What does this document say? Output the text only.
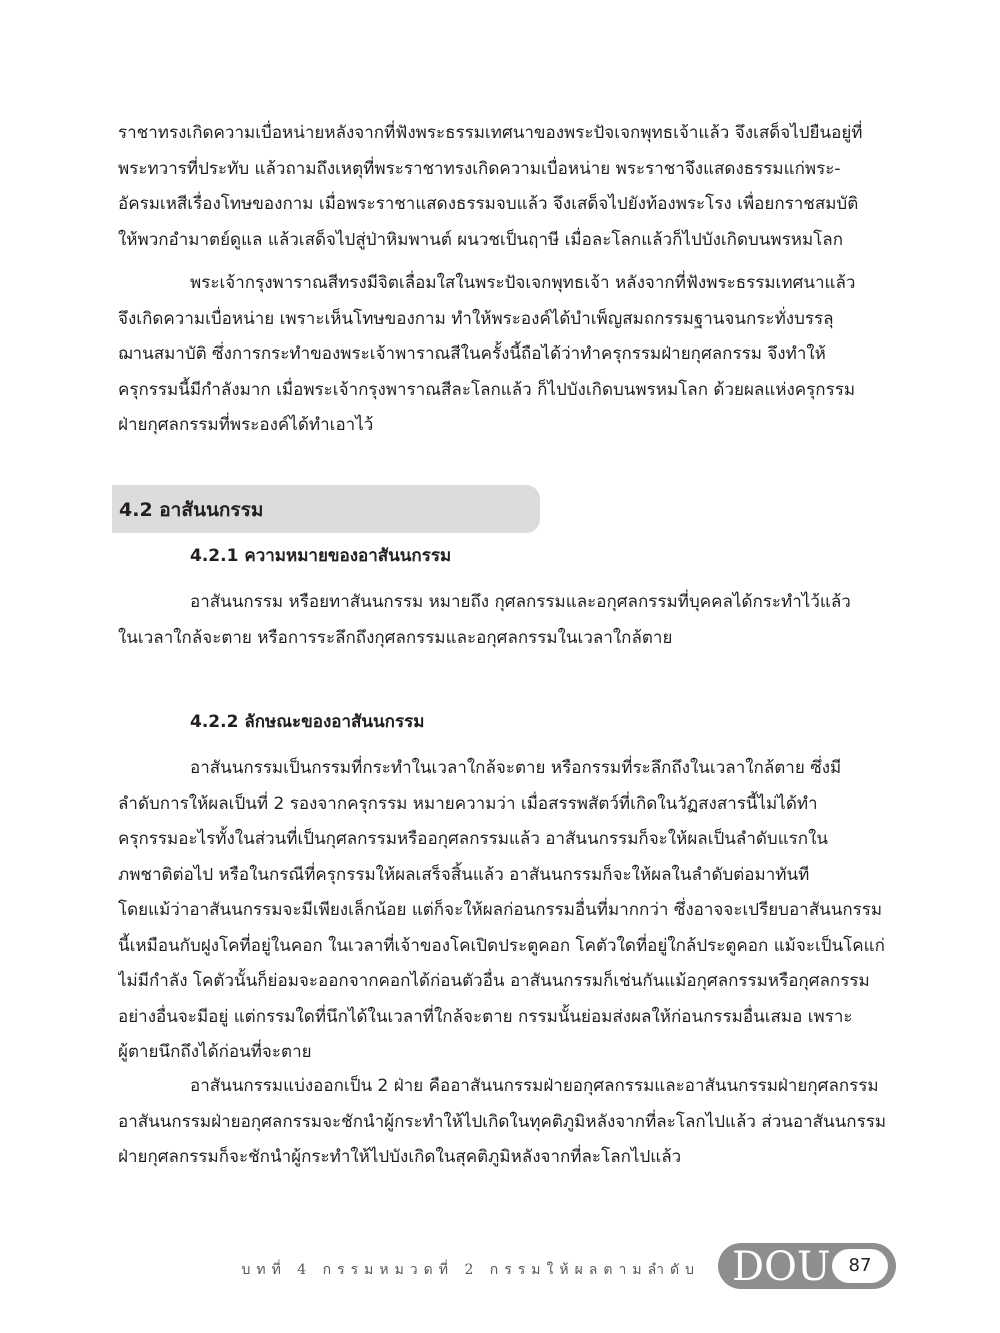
ราชาทรงเกิดความเบื่อหน่ายหลังจากที่ฟังพระธรรมเทศนาของพระปัจเจกพุทธเจ้าแล้ว จึงเสด็จไปยืนอยู่ที่
พระทวารที่ประทับ แล้วถามถึงเหตุที่พระราชาทรงเกิดความเบื่อหน่าย พระราชาจึงแสดงธรรมแก่พระ-
อัครมเหสีเรื่องโทษของกาม เมื่อพระราชาแสดงธรรมจบแล้ว จึงเสด็จไปยังท้องพระโรง เพื่อยกราชสมบัติ
ให้พวกอำมาตย์ดูแล แล้วเสด็จไปสู่ป่าหิมพานต์ ผนวชเป็นฤาษี เมื่อละโลกแล้วก็ไปบังเกิดบนพรหมโลก
พระเจ้ากรุงพาราณสีทรงมีจิตเลื่อมใสในพระปัจเจกพุทธเจ้า หลังจากที่ฟังพระธรรมเทศนาแล้ว
จึงเกิดความเบื่อหน่าย เพราะเห็นโทษของกาม ทำให้พระองค์ได้บำเพ็ญสมถกรรมฐานจนกระทั่งบรรลุ
ฌานสมาบัติ ซึ่งการกระทำของพระเจ้าพาราณสีในครั้งนี้ถือได้ว่าทำครุกรรมฝ่ายกุศลกรรม จึงทำให้
ครุกรรมนี้มีกำลังมาก เมื่อพระเจ้ากรุงพาราณสีละโลกแล้ว ก็ไปบังเกิดบนพรหมโลก ด้วยผลแห่งครุกรรม
ฝ่ายกุศลกรรมที่พระองค์ได้ทำเอาไว้
4.2 อาสันนกรรม
4.2.1 ความหมายของอาสันนกรรม
อาสันนกรรม หรือยทาสันนกรรม หมายถึง กุศลกรรมและอกุศลกรรมที่บุคคลได้กระทำไว้แล้ว
ในเวลาใกล้จะตาย หรือการระลึกถึงกุศลกรรมและอกุศลกรรมในเวลาใกล้ตาย
4.2.2 ลักษณะของอาสันนกรรม
อาสันนกรรมเป็นกรรมที่กระทำในเวลาใกล้จะตาย หรือกรรมที่ระลึกถึงในเวลาใกล้ตาย ซึ่งมี
ลำดับการให้ผลเป็นที่ 2 รองจากครุกรรม หมายความว่า เมื่อสรรพสัตว์ที่เกิดในวัฏสงสารนี้ไม่ได้ทำ
ครุกรรมอะไรทั้งในส่วนที่เป็นกุศลกรรมหรืออกุศลกรรมแล้ว อาสันนกรรมก็จะให้ผลเป็นลำดับแรกใน
ภพชาติต่อไป หรือในกรณีที่ครุกรรมให้ผลเสร็จสิ้นแล้ว อาสันนกรรมก็จะให้ผลในลำดับต่อมาทันที
โดยแม้ว่าอาสันนกรรมจะมีเพียงเล็กน้อย แต่ก็จะให้ผลก่อนกรรมอื่นที่มากกว่า ซึ่งอาจจะเปรียบอาสันนกรรม
นี้เหมือนกับฝูงโคที่อยู่ในคอก ในเวลาที่เจ้าของโคเปิดประตูคอก โคตัวใดที่อยู่ใกล้ประตูคอก แม้จะเป็นโคแก่
ไม่มีกำลัง โคตัวนั้นก็ย่อมจะออกจากคอกได้ก่อนตัวอื่น อาสันนกรรมก็เช่นกันแม้อกุศลกรรมหรือกุศลกรรม
อย่างอื่นจะมีอยู่ แต่กรรมใดที่นึกได้ในเวลาที่ใกล้จะตาย กรรมนั้นย่อมส่งผลให้ก่อนกรรมอื่นเสมอ เพราะ
ผู้ตายนึกถึงได้ก่อนที่จะตาย
อาสันนกรรมแบ่งออกเป็น 2 ฝ่าย คืออาสันนกรรมฝ่ายอกุศลกรรมและอาสันนกรรมฝ่ายกุศลกรรม
อาสันนกรรมฝ่ายอกุศลกรรมจะชักนำผู้กระทำให้ไปเกิดในทุคติภูมิหลังจากที่ละโลกไปแล้ว ส่วนอาสันนกรรม
ฝ่ายกุศลกรรมก็จะชักนำผู้กระทำให้ไปบังเกิดในสุคติภูมิหลังจากที่ละโลกไปแล้ว
บทที่ 4 กรรมหมวดที่ 2 กรรมให้ผลตามลำดับ DOU 87
